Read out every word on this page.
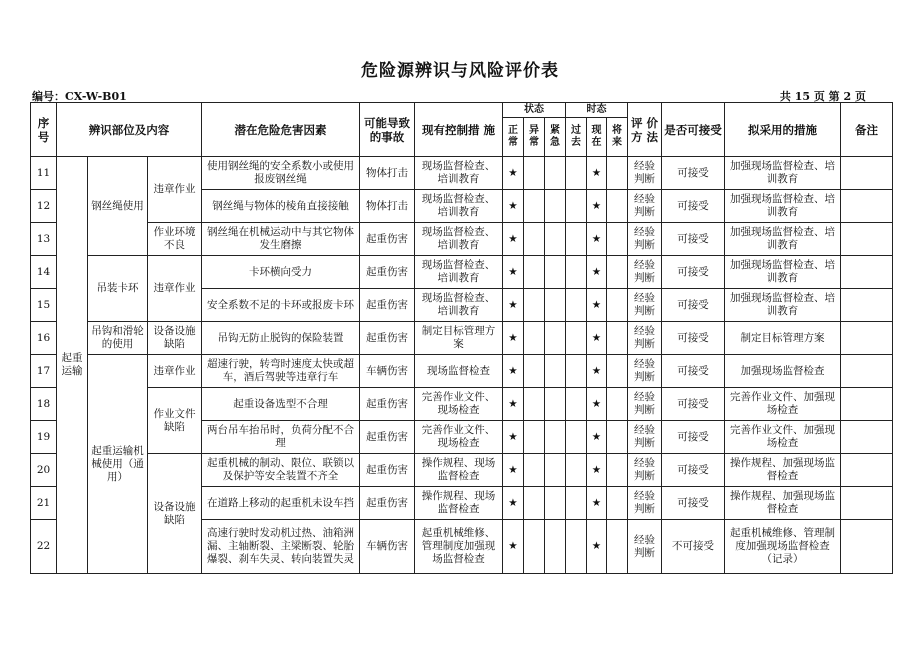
危险源辨识与风险评价表
编号：CX-W-B01	共 15 页 第 2 页
序号	辨识部位及内容			潜在危险危害因素	可能导致的事故	现有控制措 施	状态			时态			评 价方 法	是否可接受	拟采用的措施	备注
							正常	异常	紧急	过去	现在	将来				
11	起重运输	钢丝绳使用	违章作业	使用钢丝绳的安全系数小或使用报废钢丝绳	物体打击	现场监督检查、培训教育	★				★		经验判断	可接受	加强现场监督检查、培训教育	
12				钢丝绳与物体的棱角直接接触	物体打击	现场监督检查、培训教育	★				★		经验判断	可接受	加强现场监督检查、培训教育	
13			作业环境不良	钢丝绳在机械运动中与其它物体发生磨擦	起重伤害	现场监督检查、培训教育	★				★		经验判断	可接受	加强现场监督检查、培训教育	
14		吊装卡环	违章作业	卡环横向受力	起重伤害	现场监督检查、培训教育	★				★		经验判断	可接受	加强现场监督检查、培训教育	
15				安全系数不足的卡环或报废卡环	起重伤害	现场监督检查、培训教育	★				★		经验判断	可接受	加强现场监督检查、培训教育	
16		吊钩和滑轮的使用	设备设施缺陷	吊钩无防止脱钩的保险装置	起重伤害	制定目标管理方案	★				★		经验判断	可接受	制定目标管理方案	
17		起重运输机械使用（通用）	违章作业	超速行驶，转弯时速度太快或超车，酒后驾驶等违章行车	车辆伤害	现场监督检查	★				★		经验判断	可接受	加强现场监督检查	
18			作业文件缺陷	起重设备选型不合理	起重伤害	完善作业文件、现场检查	★				★		经验判断	可接受	完善作业文件、加强现场检查	
19				两台吊车抬吊时，负荷分配不合理	起重伤害	完善作业文件、现场检查	★				★		经验判断	可接受	完善作业文件、加强现场检查	
20			设备设施缺陷	起重机械的制动、限位、联锁以及保护等安全装置不齐全	起重伤害	操作规程、现场监督检查	★				★		经验判断	可接受	操作规程、加强现场监督检查	
21				在道路上移动的起重机未设车挡	起重伤害	操作规程、现场监督检查	★				★		经验判断	可接受	操作规程、加强现场监督检查	
22				高速行驶时发动机过热、油箱洲漏、主轴断裂、主梁断裂、轮胎爆裂、刹车失灵、转向装置失灵	车辆伤害	起重机械维修、管理制度加强现场监督检查	★				★		经验判断	不可接受	起重机械维修、管理制度加强现场监督检查（记录）	
